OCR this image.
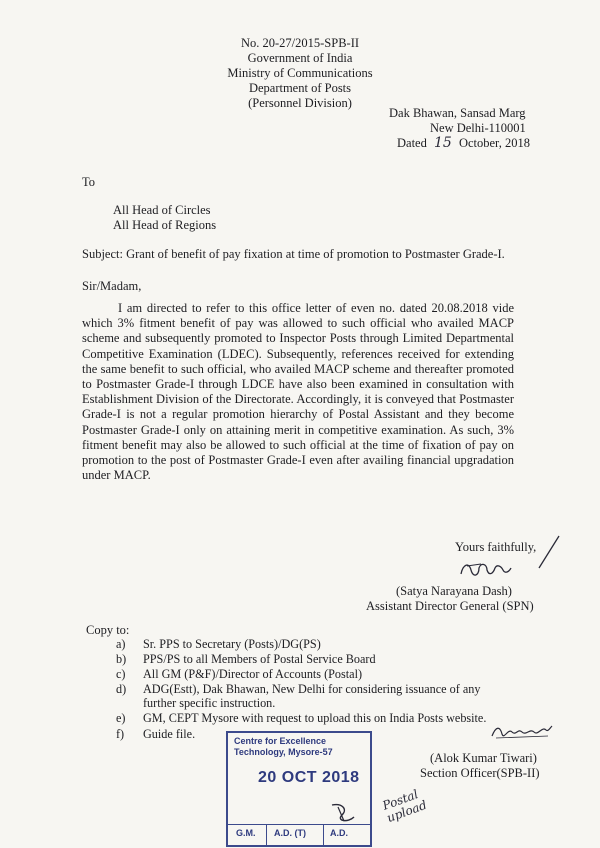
No. 20-27/2015-SPB-II
Government of India
Ministry of Communications
Department of Posts
(Personnel Division)
Dak Bhawan, Sansad Marg
New Delhi-110001
Dated 15 October, 2018
To
All Head of Circles
All Head of Regions
Subject: Grant of benefit of pay fixation at time of promotion to Postmaster Grade-I.
Sir/Madam,
I am directed to refer to this office letter of even no. dated 20.08.2018 vide which 3% fitment benefit of pay was allowed to such official who availed MACP scheme and subsequently promoted to Inspector Posts through Limited Departmental Competitive Examination (LDEC). Subsequently, references received for extending the same benefit to such official, who availed MACP scheme and thereafter promoted to Postmaster Grade-I through LDCE have also been examined in consultation with Establishment Division of the Directorate. Accordingly, it is conveyed that Postmaster Grade-I is not a regular promotion hierarchy of Postal Assistant and they become Postmaster Grade-I only on attaining merit in competitive examination. As such, 3% fitment benefit may also be allowed to such official at the time of fixation of pay on promotion to the post of Postmaster Grade-I even after availing financial upgradation under MACP.
Yours faithfully,
(Satya Narayana Dash)
Assistant Director General (SPN)
Copy to:
a) Sr. PPS to Secretary (Posts)/DG(PS)
b) PPS/PS to all Members of Postal Service Board
c) All GM (P&F)/Director of Accounts (Postal)
d) ADG(Estt), Dak Bhawan, New Delhi for considering issuance of any
further specific instruction.
e) GM, CEPT Mysore with request to upload this on India Posts website.
f) Guide file.
(Alok Kumar Tiwari)
Section Officer(SPB-II)
Centre for Excellence
Technology, Mysore-57
20 OCT 2018
G.M. A.D. (T)	A.D.
Postal upload
